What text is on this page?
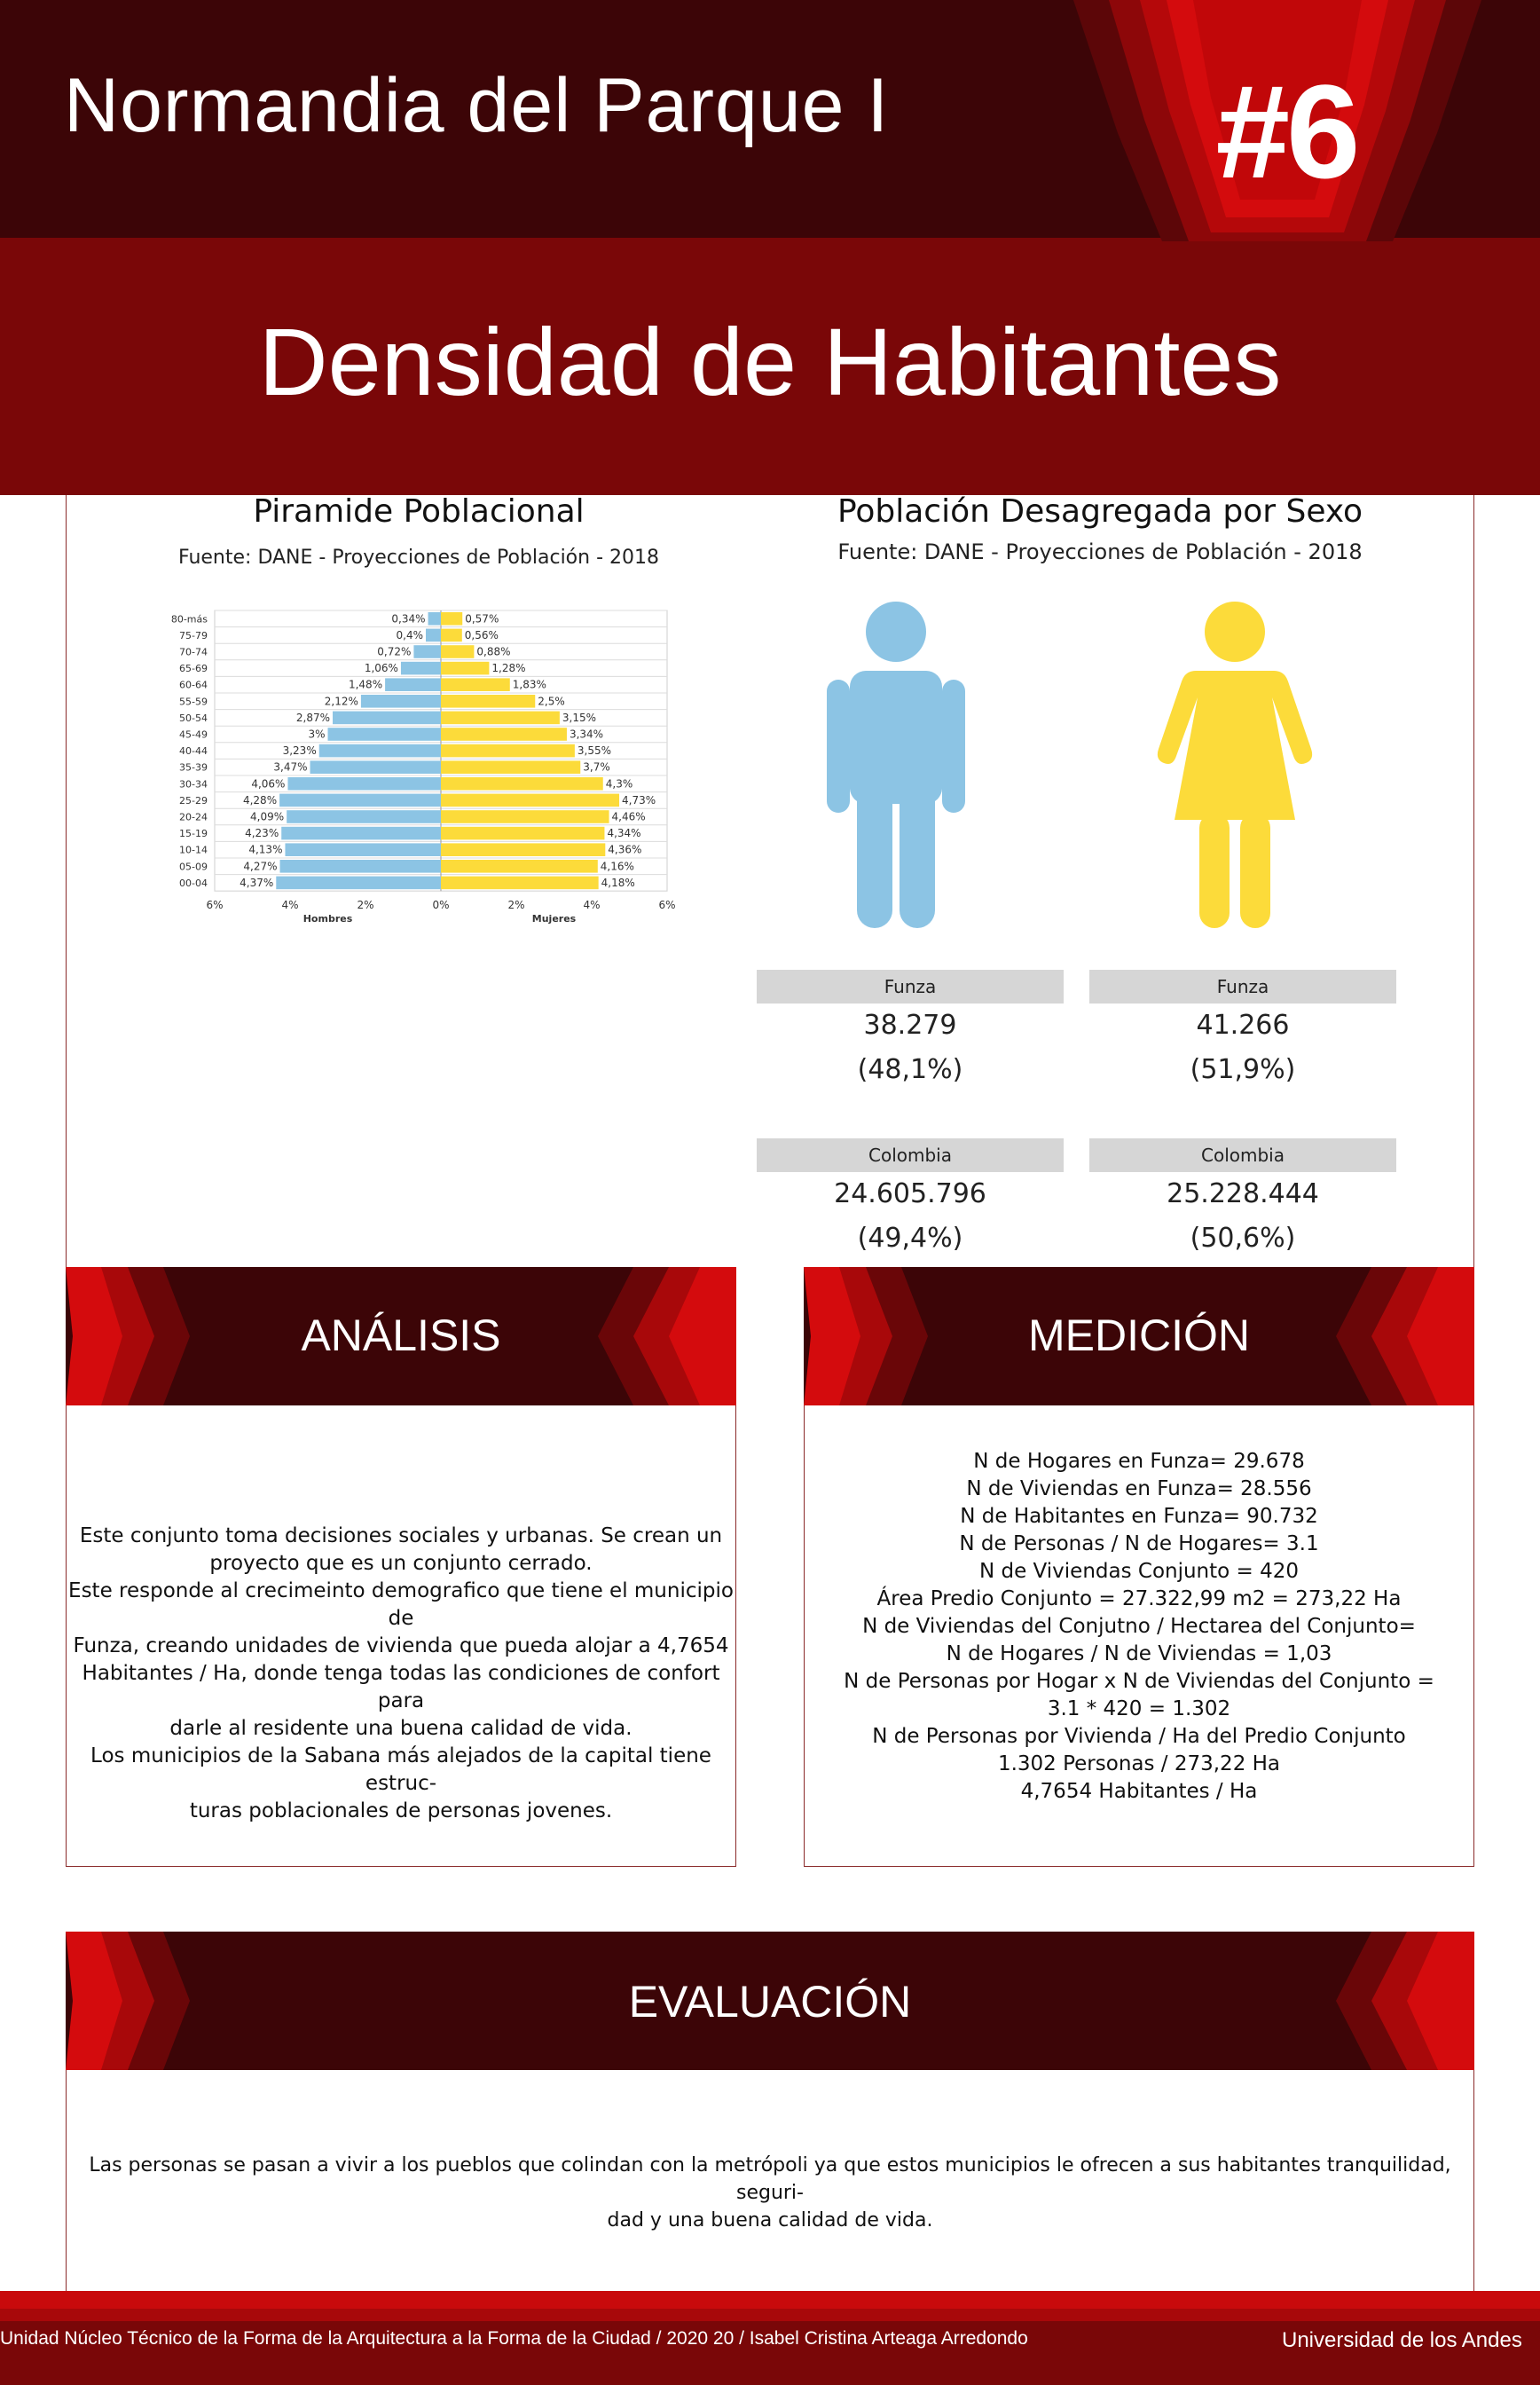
Normandia del Parque I	#6
Densidad de Habitantes
Piramide Poblacional
Fuente: DANE - Proyecciones de Población - 2018
80-más	0,34%	0,57%
75-79	0,4%	0,56%
70-74	0,72%	0,88%
65-69	1,06%	1,28%
60-64	1,48%	1,83%
55-59	2,12%	2,5%
50-54	2,87%	3,15%
45-49	3%	3,34%
40-44	3,23%	3,55%
35-39	3,47%	3,7%
30-34	4,06%	4,3%
25-29	4,28%	4,73%
20-24	4,09%	4,46%
15-19	4,23%	4,34%
10-14	4,13%	4,36%
05-09	4,27%	4,16%
00-04	4,37%	4,18%
6%	4%	2%	0%	2%	4%	6%
Hombres	Mujeres
Población Desagregada por Sexo
Fuente: DANE - Proyecciones de Población - 2018
Funza
38.279
(48,1%)
Colombia
24.605.796
(49,4%)
Funza
41.266
(51,9%)
Colombia
25.228.444
(50,6%)
ANÁLISIS
Este conjunto toma decisiones sociales y urbanas. Se crean un
proyecto que es un conjunto cerrado.
Este responde al crecimeinto demografico que tiene el municipio de
Funza, creando unidades de vivienda que pueda alojar a 4,7654
Habitantes / Ha, donde tenga todas las condiciones de confort para
darle al residente una buena calidad de vida.
Los municipios de la Sabana más alejados de la capital tiene estruc-
turas poblacionales de personas jovenes.
MEDICIÓN
N de Hogares en Funza= 29.678
N de Viviendas en Funza= 28.556
N de Habitantes en Funza= 90.732
N de Personas / N de Hogares= 3.1
N de Viviendas Conjunto = 420
Área Predio Conjunto = 27.322,99 m2 = 273,22 Ha
N de Viviendas del Conjutno / Hectarea del Conjunto=
N de Hogares / N de Viviendas = 1,03
N de Personas por Hogar x N de Viviendas del Conjunto =
3.1 * 420 = 1.302
N de Personas por Vivienda / Ha del Predio Conjunto
1.302 Personas / 273,22 Ha
4,7654 Habitantes / Ha
EVALUACIÓN
Las personas se pasan a vivir a los pueblos que colindan con la metrópoli ya que estos municipios le ofrecen a sus habitantes tranquilidad, seguri-
dad y una buena calidad de vida.
Unidad Núcleo Técnico de la Forma de la Arquitectura a la Forma de la Ciudad / 2020 20 / Isabel Cristina Arteaga Arredondo	Universidad de los Andes
